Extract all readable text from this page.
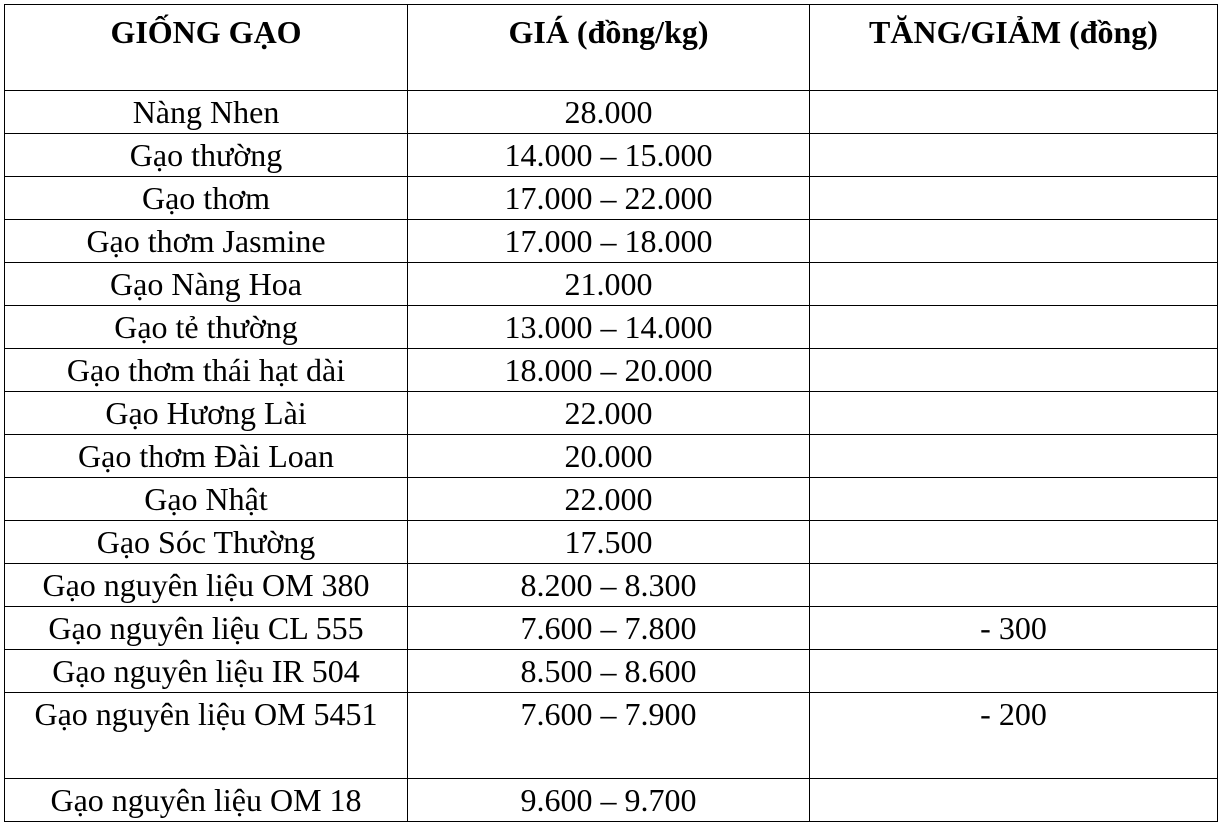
GIỐNG GẠO	GIÁ (đồng/kg)	TĂNG/GIẢM (đồng)
Nàng Nhen	28.000	
Gạo thường	14.000 – 15.000	
Gạo thơm	17.000 – 22.000	
Gạo thơm Jasmine	17.000 – 18.000	
Gạo Nàng Hoa	21.000	
Gạo tẻ thường	13.000 – 14.000	
Gạo thơm thái hạt dài	18.000 – 20.000	
Gạo Hương Lài	22.000	
Gạo thơm Đài Loan	20.000	
Gạo Nhật	22.000	
Gạo Sóc Thường	17.500	
Gạo nguyên liệu OM 380	8.200 – 8.300	
Gạo nguyên liệu CL 555	7.600 – 7.800	- 300
Gạo nguyên liệu IR 504	8.500 – 8.600	
Gạo nguyên liệu OM 5451	7.600 – 7.900	- 200
Gạo nguyên liệu OM 18	9.600 – 9.700	
